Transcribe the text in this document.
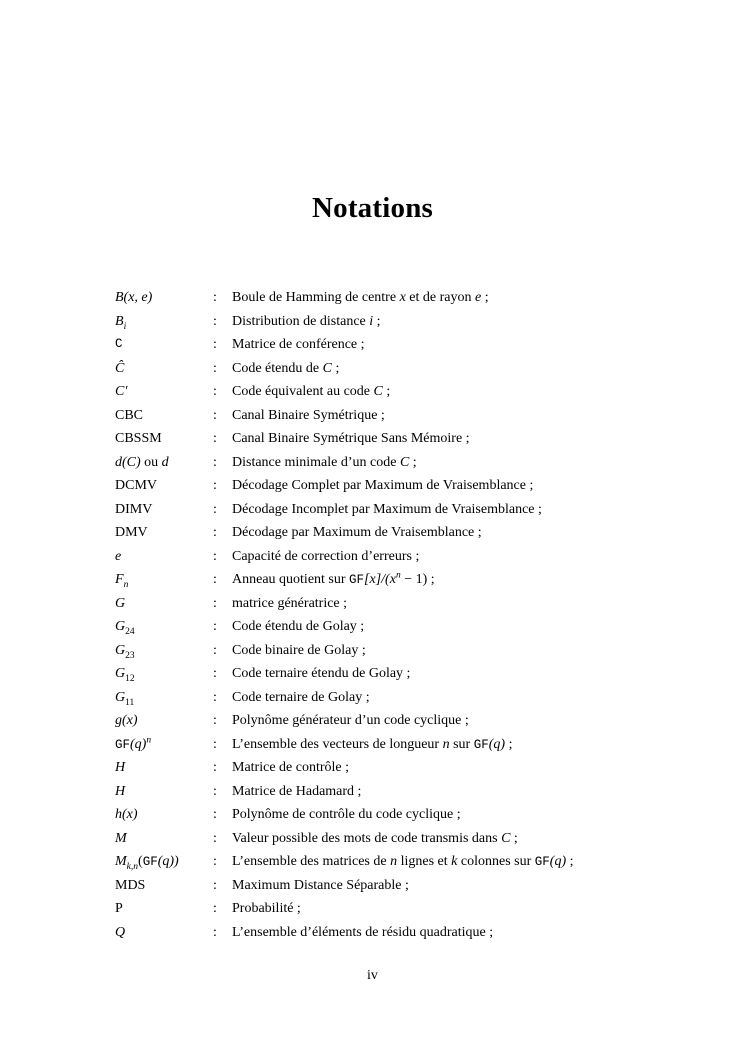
Notations
B(x, e)	: Boule de Hamming de centre x et de rayon e ;
$B_i$	: Distribution de distance i ;
C	: Matrice de conférence ;
Ĉ	: Code étendu de C ;
C′	: Code équivalent au code C ;
CBC	: Canal Binaire Symétrique ;
CBSSM	: Canal Binaire Symétrique Sans Mémoire ;
d(C) ou d	: Distance minimale d’un code C ;
DCMV	: Décodage Complet par Maximum de Vraisemblance ;
DIMV	: Décodage Incomplet par Maximum de Vraisemblance ;
DMV	: Décodage par Maximum de Vraisemblance ;
e	: Capacité de correction d’erreurs ;
$F_n$	: Anneau quotient sur $GF[x]/(x^n - 1)$ ;
G	: matrice génératrice ;
$G_{24}$	: Code étendu de Golay ;
$G_{23}$	: Code binaire de Golay ;
$G_{12}$	: Code ternaire étendu de Golay ;
$G_{11}$	: Code ternaire de Golay ;
g(x)	: Polynôme générateur d’un code cyclique ;
$GF(q)^n$	: L’ensemble des vecteurs de longueur n sur GF(q) ;
H	: Matrice de contrôle ;
H	: Matrice de Hadamard ;
h(x)	: Polynôme de contrôle du code cyclique ;
M	: Valeur possible des mots de code transmis dans C ;
$M_{k,n}(GF(q))$ : L’ensemble des matrices de n lignes et k colonnes sur GF(q) ;
MDS	: Maximum Distance Séparable ;
P	: Probabilité ;
Q	: L’ensemble d’éléments de résidu quadratique ;
iv
